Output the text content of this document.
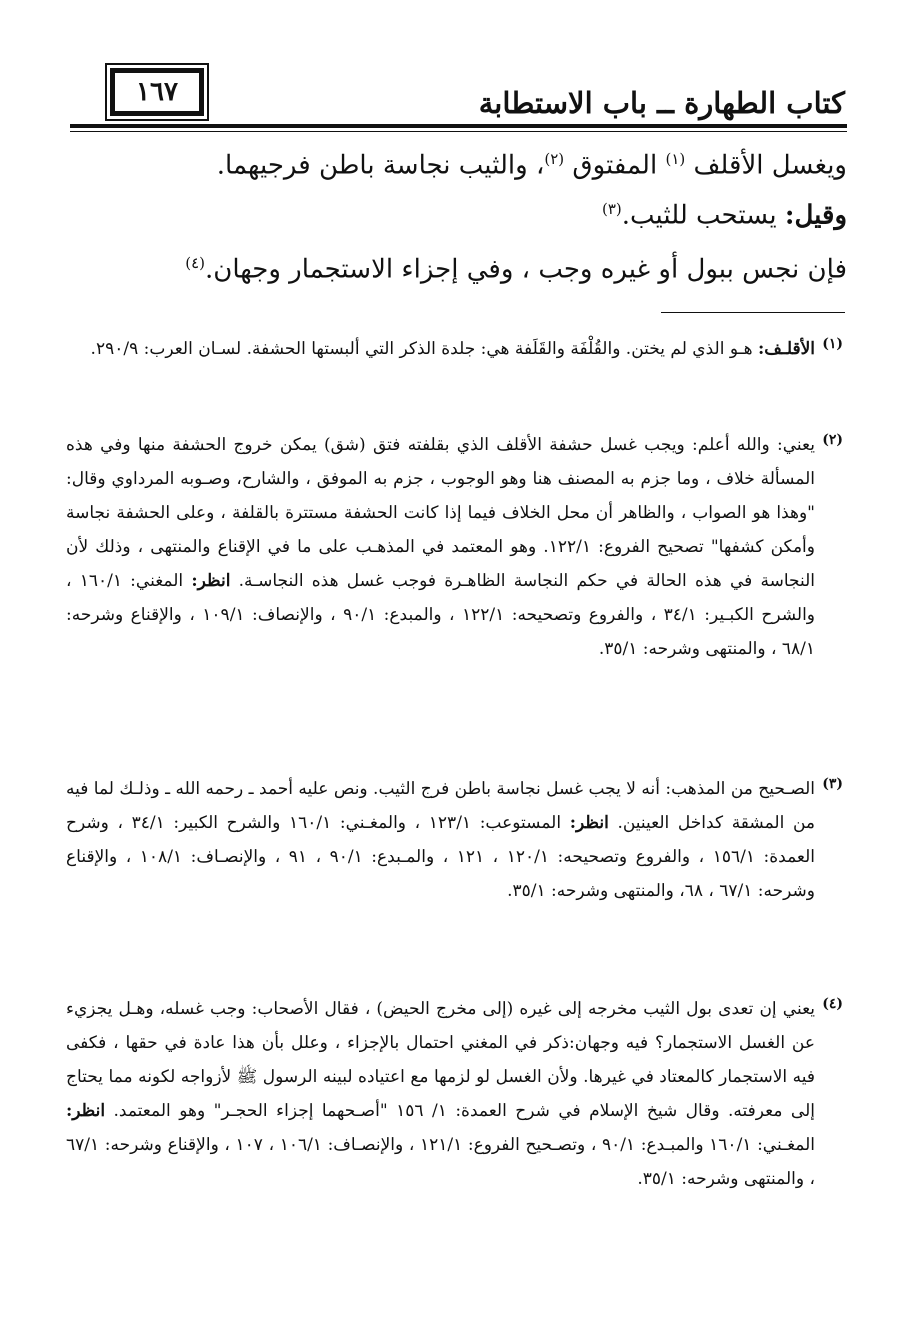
١٦٧	كتاب الطهارة ــ باب الاستطابة
ويغسل الأقلف $^{(١)}$ المفتوق $^{(٢)}$، والثيب نجاسة باطن فرجيهما.
وقيل: يستحب للثيب.$^{(٣)}$
فإن نجس ببول أو غيره وجب ، وفي إجزاء الاستجمار وجهان.$^{(٤)}$
(١)
الأقلـف: هـو الذي لم يختن. والقُلْفَة والقَلَفة هي: جلدة الذكر التي ألبستها الحشفة. لسـان العرب: ٢٩٠/٩.
(٢)
يعني: والله أعلم: ويجب غسل حشفة الأقلف الذي بقلفته فتق (شق) يمكن خروج الحشفة منها وفي هذه المسألة خلاف ، وما جزم به المصنف هنا وهو الوجوب ، جزم به الموفق ، والشارح، وصـوبه المرداوي وقال: "وهذا هو الصواب ، والظاهر أن محل الخلاف فيما إذا كانت الحشفة مستترة بالقلفة ، وعلى الحشفة نجاسة وأمكن كشفها" تصحيح الفروع: ١٢٢/١. وهو المعتمد في المذهـب على ما في الإقناع والمنتهى ، وذلك لأن النجاسة في هذه الحالة في حكم النجاسة الظاهـرة فوجب غسل هذه النجاسـة. انظر: المغني: ١٦٠/١ ، والشرح الكبـير: ٣٤/١ ، والفروع وتصحيحه: ١٢٢/١ ، والمبدع: ٩٠/١ ، والإنصاف: ١٠٩/١ ، والإقناع وشرحه: ٦٨/١ ، والمنتهى وشرحه: ٣٥/١.
(٣)
الصـحيح من المذهب: أنه لا يجب غسل نجاسة باطن فرج الثيب. ونص عليه أحمد ـ رحمه الله ـ وذلـك لما فيه من المشقة كداخل العينين. انظر: المستوعب: ١٢٣/١ ، والمغـني: ١٦٠/١ والشرح الكبير: ٣٤/١ ، وشرح العمدة: ١٥٦/١ ، والفروع وتصحيحه: ١٢٠/١ ، ١٢١ ، والمـبدع: ٩٠/١ ، ٩١ ، والإنصـاف: ١٠٨/١ ، والإقناع وشرحه: ٦٧/١ ، ٦٨، والمنتهى وشرحه: ٣٥/١.
(٤)
يعني إن تعدى بول الثيب مخرجه إلى غيره (إلى مخرج الحيض) ، فقال الأصحاب: وجب غسله، وهـل يجزيء عن الغسل الاستجمار؟ فيه وجهان:ذكر في المغني احتمال بالإجزاء ، وعلل بأن هذا عادة في حقها ، فكفى فيه الاستجمار كالمعتاد في غيرها. ولأن الغسل لو لزمها مع اعتياده لبينه الرسول ﷺ لأزواجه لكونه مما يحتاج إلى معرفته. وقال شيخ الإسلام في شرح العمدة: ١/ ١٥٦ "أصـحهما إجزاء الحجـر" وهو المعتمد. انظر: المغـني: ١٦٠/١ والمبـدع: ٩٠/١ ، وتصـحيح الفروع: ١٢١/١ ، والإنصـاف: ١٠٦/١ ، ١٠٧ ، والإقناع وشرحه: ٦٧/١ ، والمنتهى وشرحه: ٣٥/١.
